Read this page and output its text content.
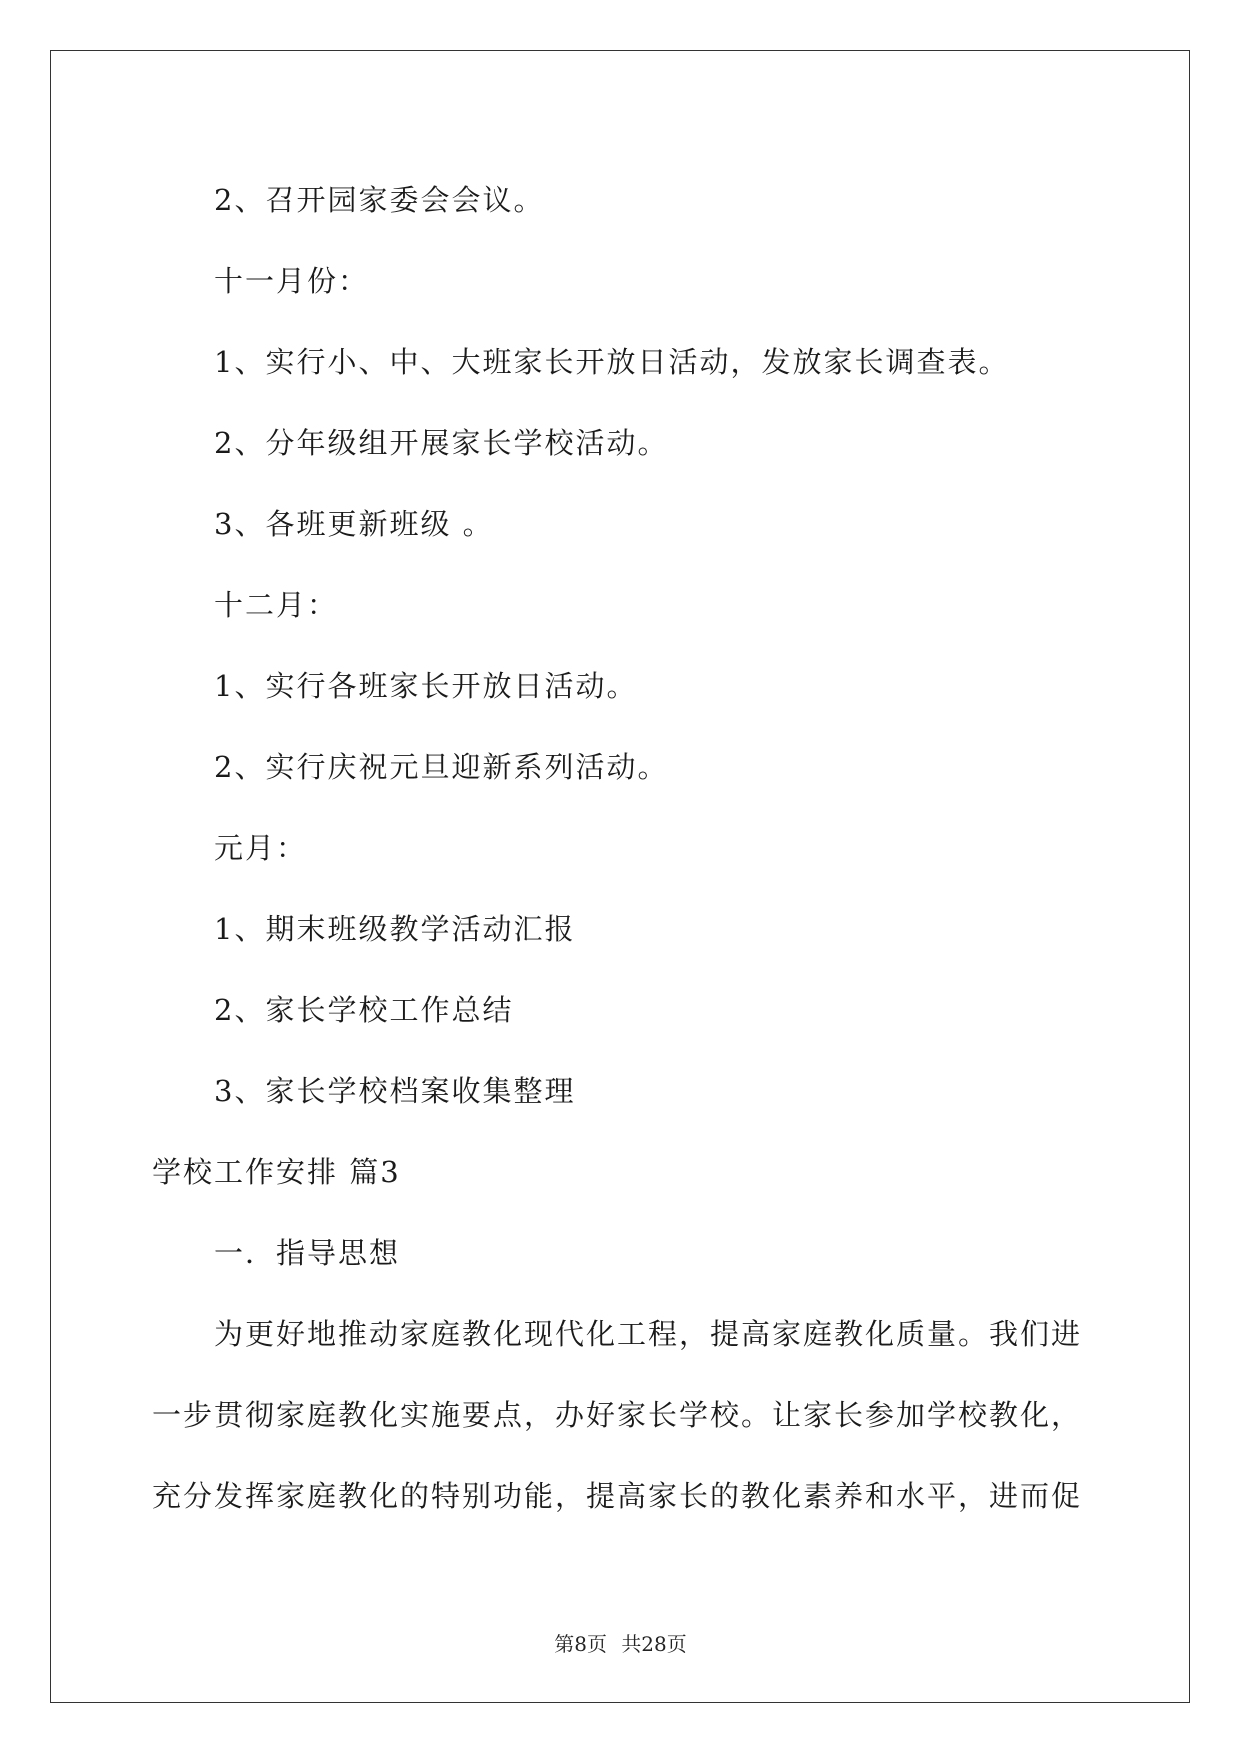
2、召开园家委会会议。
十一月份：
1、实行小、中、大班家长开放日活动，发放家长调查表。
2、分年级组开展家长学校活动。
3、各班更新班级 。
十二月：
1、实行各班家长开放日活动。
2、实行庆祝元旦迎新系列活动。
元月：
1、期末班级教学活动汇报
2、家长学校工作总结
3、家长学校档案收集整理
学校工作安排 篇3
一．指导思想
为更好地推动家庭教化现代化工程，提高家庭教化质量。我们进
一步贯彻家庭教化实施要点，办好家长学校。让家长参加学校教化，
充分发挥家庭教化的特别功能，提高家长的教化素养和水平，进而促
第8页 共28页
